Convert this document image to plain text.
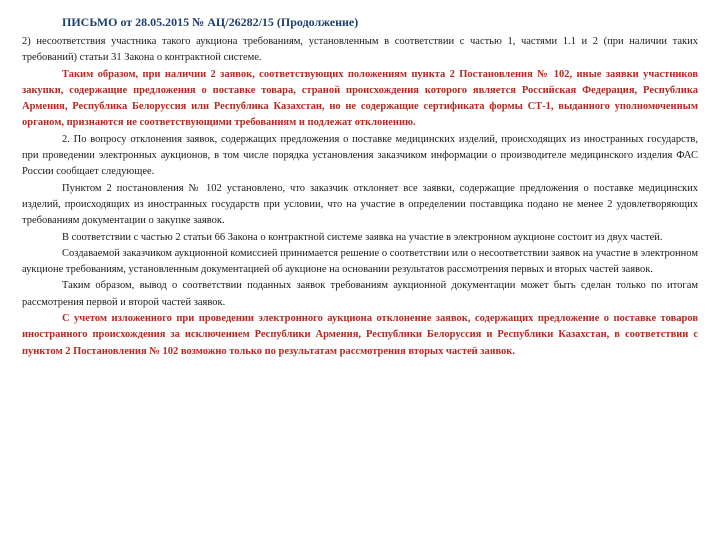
ПИСЬМО от 28.05.2015 № АЦ/26282/15 (Продолжение)

2) несоответствия участника такого аукциона требованиям, установленным в соответствии с частью 1, частями 1.1 и 2 (при наличии таких требований) статьи 31 Закона о контрактной системе.

Таким образом, при наличии 2 заявок, соответствующих положениям пункта 2 Постановления № 102, иные заявки участников закупки, содержащие предложения о поставке товара, страной происхождения которого является Российская Федерация, Республика Армения, Республика Белоруссия или Республика Казахстан, но не содержащие сертификата формы СТ-1, выданного уполномоченным органом, признаются не соответствующими требованиям и подлежат отклонению.

2. По вопросу отклонения заявок, содержащих предложения о поставке медицинских изделий, происходящих из иностранных государств, при проведении электронных аукционов, в том числе порядка установления заказчиком информации о производителе медицинского изделия ФАС России сообщает следующее.

Пунктом 2 постановления № 102 установлено, что заказчик отклоняет все заявки, содержащие предложения о поставке медицинских изделий, происходящих из иностранных государств при условии, что на участие в определении поставщика подано не менее 2 удовлетворяющих требованиям документации о закупке заявок.

В соответствии с частью 2 статьи 66 Закона о контрактной системе заявка на участие в электронном аукционе состоит из двух частей.

Создаваемой заказчиком аукционной комиссией принимается решение о соответствии или о несоответствии заявок на участие в электронном аукционе требованиям, установленным документацией об аукционе на основании результатов рассмотрения первых и вторых частей заявок.

Таким образом, вывод о соответствии поданных заявок требованиям аукционной документации может быть сделан только по итогам рассмотрения первой и второй частей заявок.

С учетом изложенного при проведении электронного аукциона отклонение заявок, содержащих предложение о поставке товаров иностранного происхождения за исключением Республики Армения, Республики Белоруссия и Республики Казахстан, в соответствии с пунктом 2 Постановления № 102 возможно только по результатам рассмотрения вторых частей заявок.
